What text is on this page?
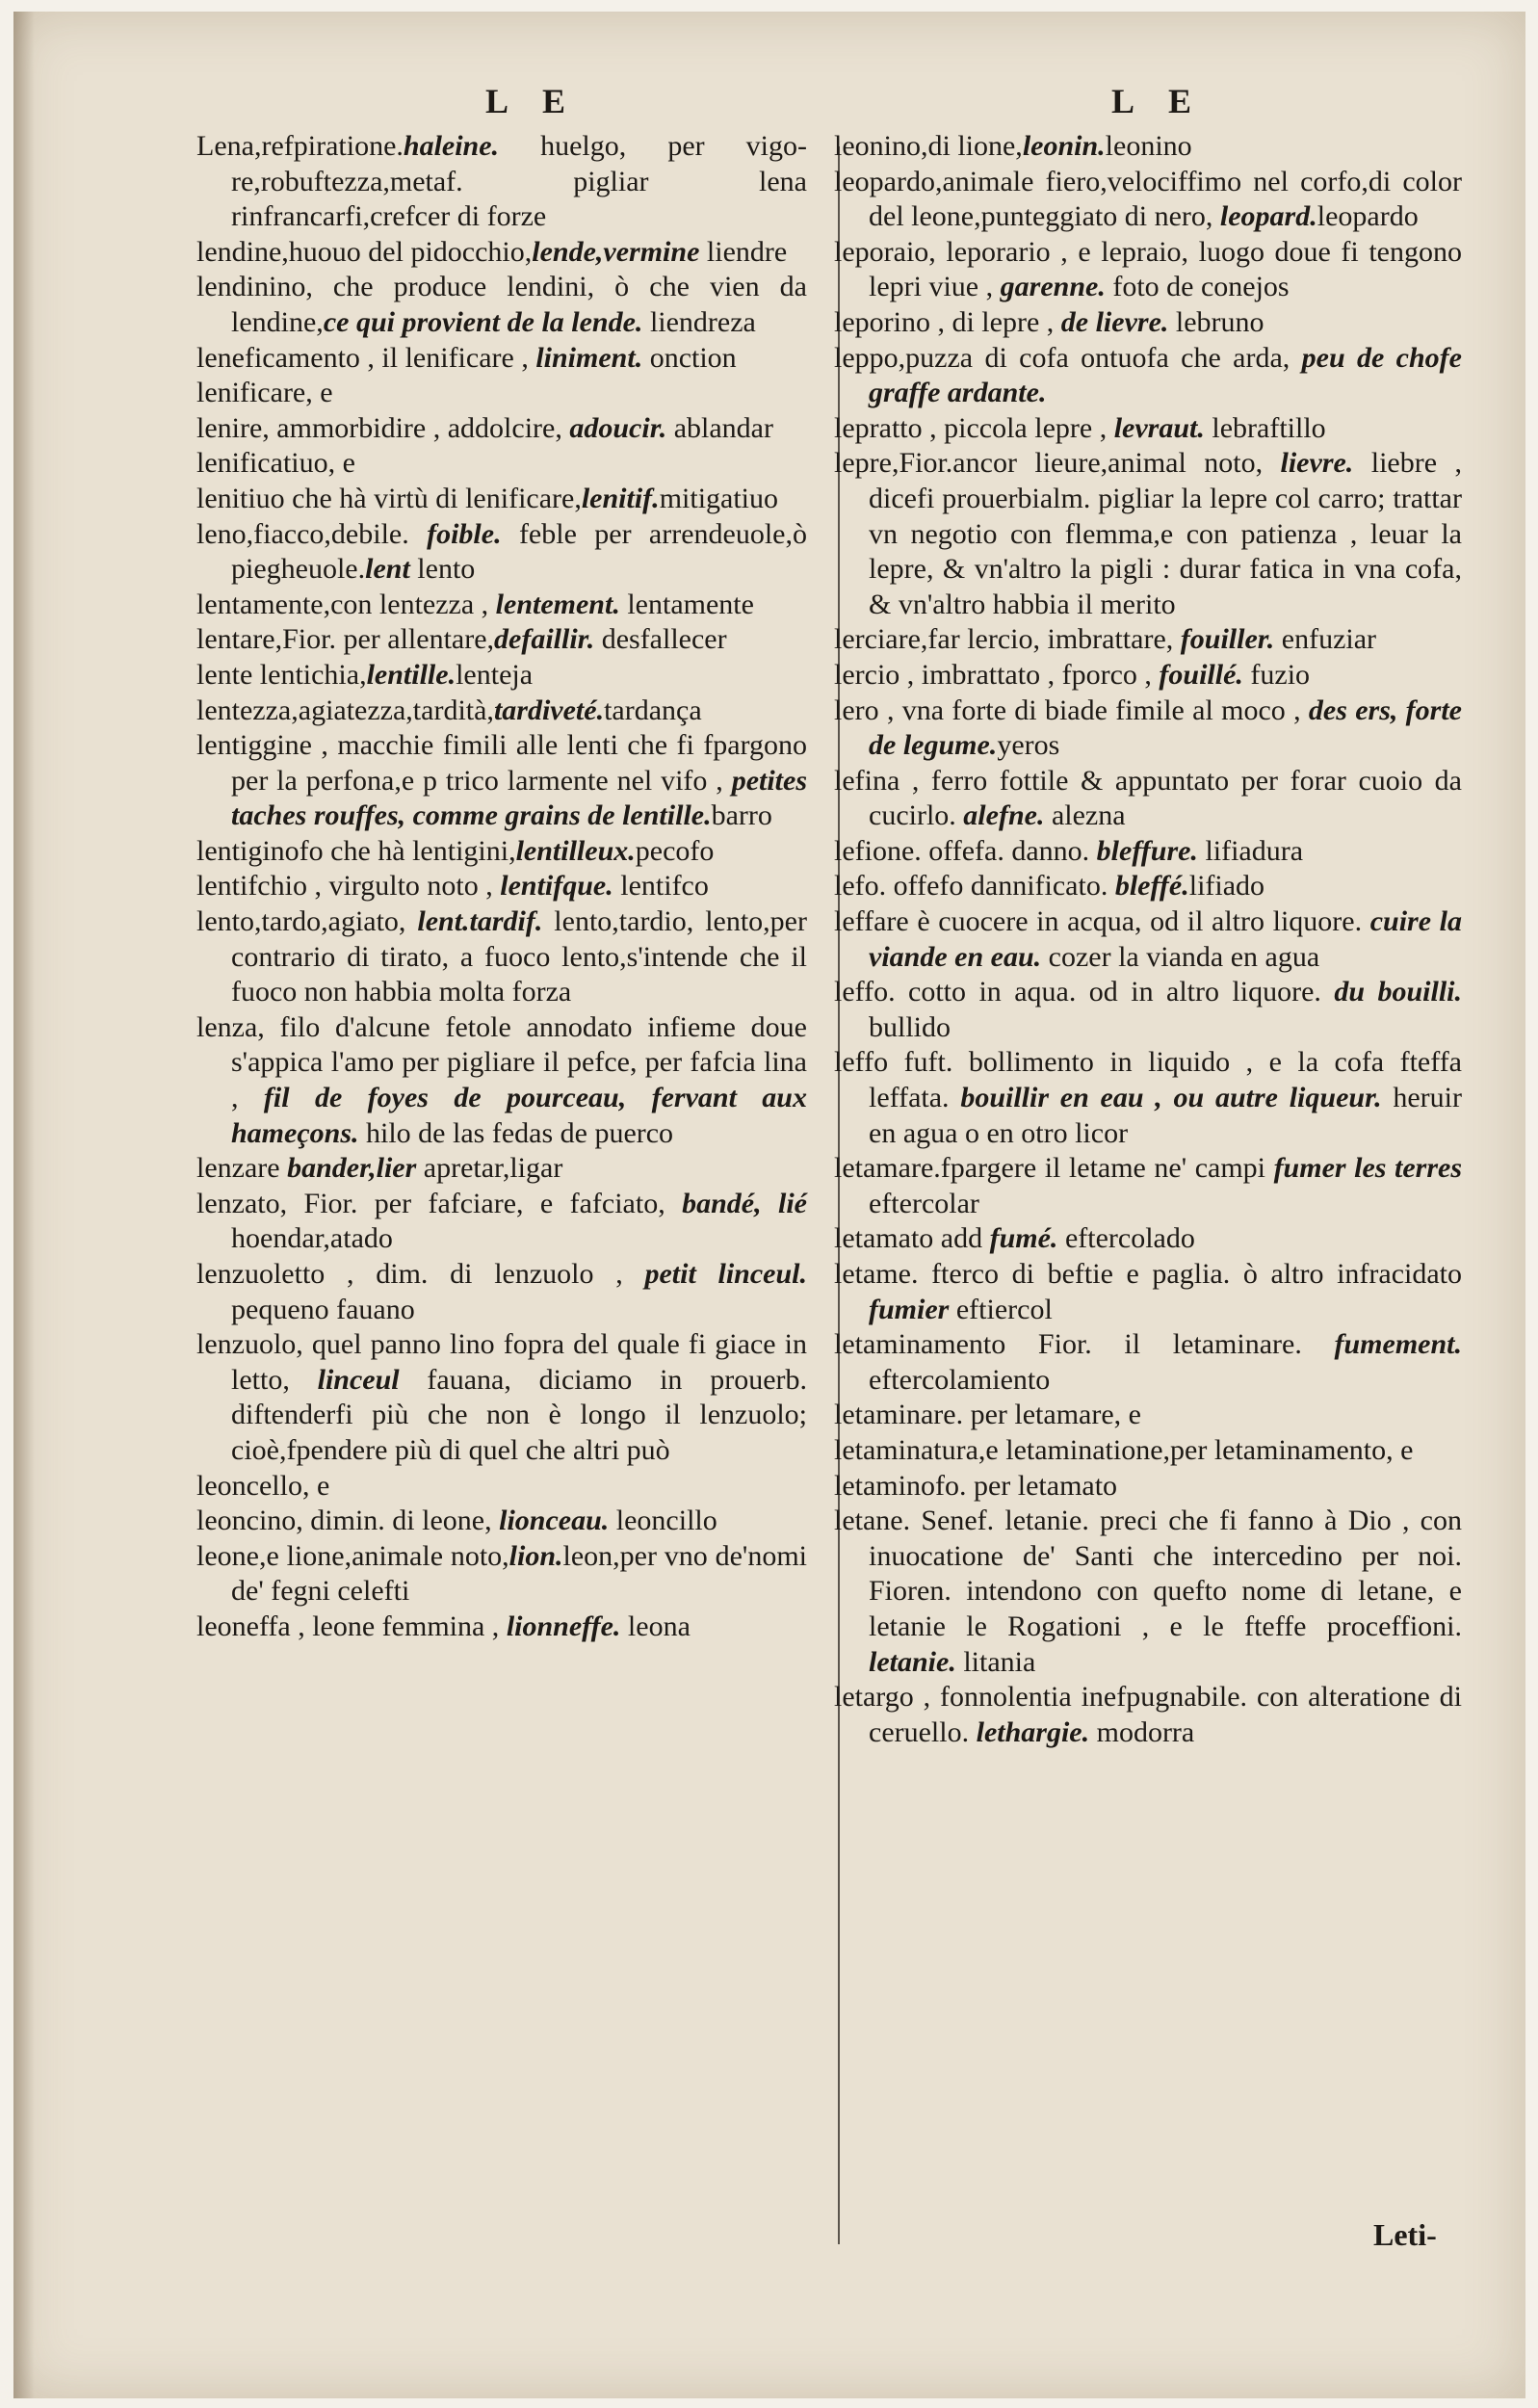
L E	L E

Lena,refpiratione.haleine. huelgo, per vigo-re,robuftezza,metaf. pigliar lena rinfrancarfi,crefcer di forze

lendine,huouo del pidocchio,lende,vermine liendre

lendinino, che produce lendini, ò che vien da lendine,ce qui provient de la lende. liendreza

leneficamento , il lenificare , liniment. onction

lenificare, e

lenire, ammorbidire , addolcire, adoucir. ablandar

lenificatiuo, e

lenitiuo che hà virtù di lenificare,lenitif.mitigatiuo

leno,fiacco,debile. foible. feble per arrendeuole,ò pieghеuole.lent lento

lentamente,con lentezza , lentement. lentamente

lentare,Fior. per allentare,defaillir. desfallecer

lente lentichia,lentille.lenteja

lentezza,agiatezza,tardità,tardiveté.tardança

lentiggine , macchie fimili alle lenti che fi fpargono per la perfona,e p trico larmente nel vifo , petites taches rouffes, comme grains de lentille.barro

lentiginofo che hà lentigini,lentilleux.pecofo

lentifchio , virgulto noto , lentifque. lentifco

lento,tardo,agiato, lent.tardif. lento,tardio, lento,per contrario di tirato, a fuoco lento,s'intende che il fuoco non habbia molta forza

lenza, filo d'alcune fetole annodato infieme doue s'appica l'amo per pigliare il pefce, per fafcia lina , fil de foyes de pourceau, fervant aux hameçons. hilo de las fedas de puerco

lenzare bander,lier apretar,ligar

lenzato, Fior. per fafciare, e fafciato, bandé, lié hoendar,atado

lenzuoletto , dim. di lenzuolo , petit linceul. pequeno fauano

lenzuolo, quel panno lino fopra del quale fi giace in letto, linceul fauana, diciamo in prouerb. diftenderfi più che non è longo il lenzuolo; cioè,fpendere più di quel che altri può

leoncello, e

leoncino, dimin. di leone, lionceau. leoncillo

leone,e lione,animale noto,lion.leon,per vno de'nomi de' fegni celefti

leoneffa , leone femmina , lionneffe. leona

leonino,di lione,leonin.leonino

leopardo,animale fiero,velociffimo nel corfo,di color del leone,punteggiato di nero, leopard.leopardo

leporaio, leporario , e lepraio, luogo doue fi tengono lepri viue , garenne. foto de conejos

leporino , di lepre , de lievre. lebruno

leppo,puzza di cofa ontuofa che arda, peu de chofe graffe ardante.

lepratto , piccola lepre , levraut. lebraftillo

lepre,Fior.ancor lieure,animal noto, lievre. liebre , dicefi prouerbialm. pigliar la lepre col carro; trattar vn negotio con flemma,e con patienza , leuar la lepre, & vn'altro la pigli : durar fatica in vna cofa, & vn'altro habbia il merito

lerciare,far lercio, imbrattare, fouiller. enfuziar

lercio , imbrattato , fporco , fouillé. fuzio

lero , vna forte di biade fimile al moco , des ers, forte de legume.yeros

lefina , ferro fottile & appuntato per forar cuoio da cucirlo. alefne. alezna

lefione. offefa. danno. bleffure. lifiadura

lefo. offefo dannificato. bleffé.lifiado

leffare è cuocere in acqua, od il altro liquore. cuire la viande en eau. cozer la vianda en agua

leffo. cotto in aqua. od in altro liquore. du bouilli. bullido

leffo fuft. bollimento in liquido , e la cofa fteffa leffata. bouillir en eau , ou autre liqueur. heruir en agua o en otro licor

letamare.fpargere il letame ne' campi fumer les terres eftercolar

letamato add fumé. eftercolado

letame. fterco di beftie e paglia. ò altro infracidato fumier eftiercol

letaminamento Fior. il letaminare. fumement. eftercolamiento

letaminare. per letamare, e

letaminatura,e letaminatione,per letaminamento, e

letaminofo. per letamato

letane. Senef. letanie. preci che fi fanno à Dio , con inuocatione de' Santi che intercedino per noi. Fioren. intendono con quefto nome di letane, e letanie le Rogationi , e le fteffe proceffioni. letanie. litania

letargo , fonnolentia inefpugnabile. con alteratione di ceruello. lethargie. modorra

Leti-
